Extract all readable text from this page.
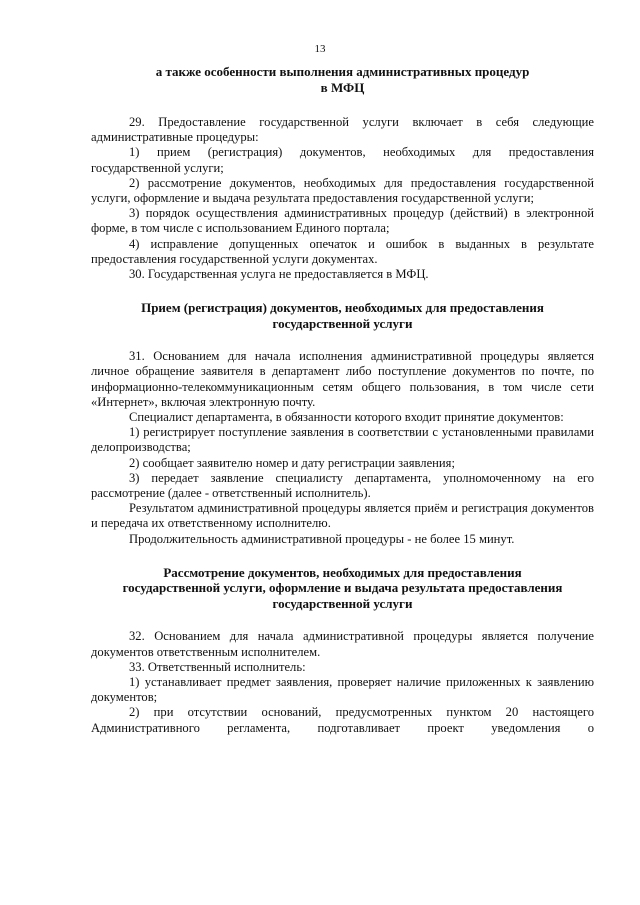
13

а также особенности выполнения административных процедур

в МФЦ

29. Предоставление государственной услуги включает в себя следующие административные процедуры:

1) прием (регистрация) документов, необходимых для предоставления государственной услуги;

2) рассмотрение документов, необходимых для предоставления государственной услуги, оформление и выдача результата предоставления государственной услуги;

3) порядок осуществления административных процедур (действий) в электронной форме, в том числе с использованием Единого портала;

4) исправление допущенных опечаток и ошибок в выданных в результате предоставления государственной услуги документах.

30. Государственная услуга не предоставляется в МФЦ.

Прием (регистрация) документов, необходимых для предоставления

государственной услуги

31. Основанием для начала исполнения административной процедуры является личное обращение заявителя в департамент либо поступление документов по почте, по информационно-телекоммуникационным сетям общего пользования, в том числе сети «Интернет», включая электронную почту.

Специалист департамента, в обязанности которого входит принятие документов:

1) регистрирует поступление заявления в соответствии с установленными правилами делопроизводства;

2) сообщает заявителю номер и дату регистрации заявления;

3) передает заявление специалисту департамента, уполномоченному на его рассмотрение (далее - ответственный исполнитель).

Результатом административной процедуры является приём и регистрация документов и передача их ответственному исполнителю.

Продолжительность административной процедуры - не более 15 минут.

Рассмотрение документов, необходимых для предоставления

государственной услуги, оформление и выдача результата предоставления

государственной услуги

32. Основанием для начала административной процедуры является получение документов ответственным исполнителем.

33. Ответственный исполнитель:

1) устанавливает предмет заявления, проверяет наличие приложенных к заявлению документов;

2) при отсутствии оснований, предусмотренных пунктом 20 настоящего Административного регламента, подготавливает проект уведомления о
